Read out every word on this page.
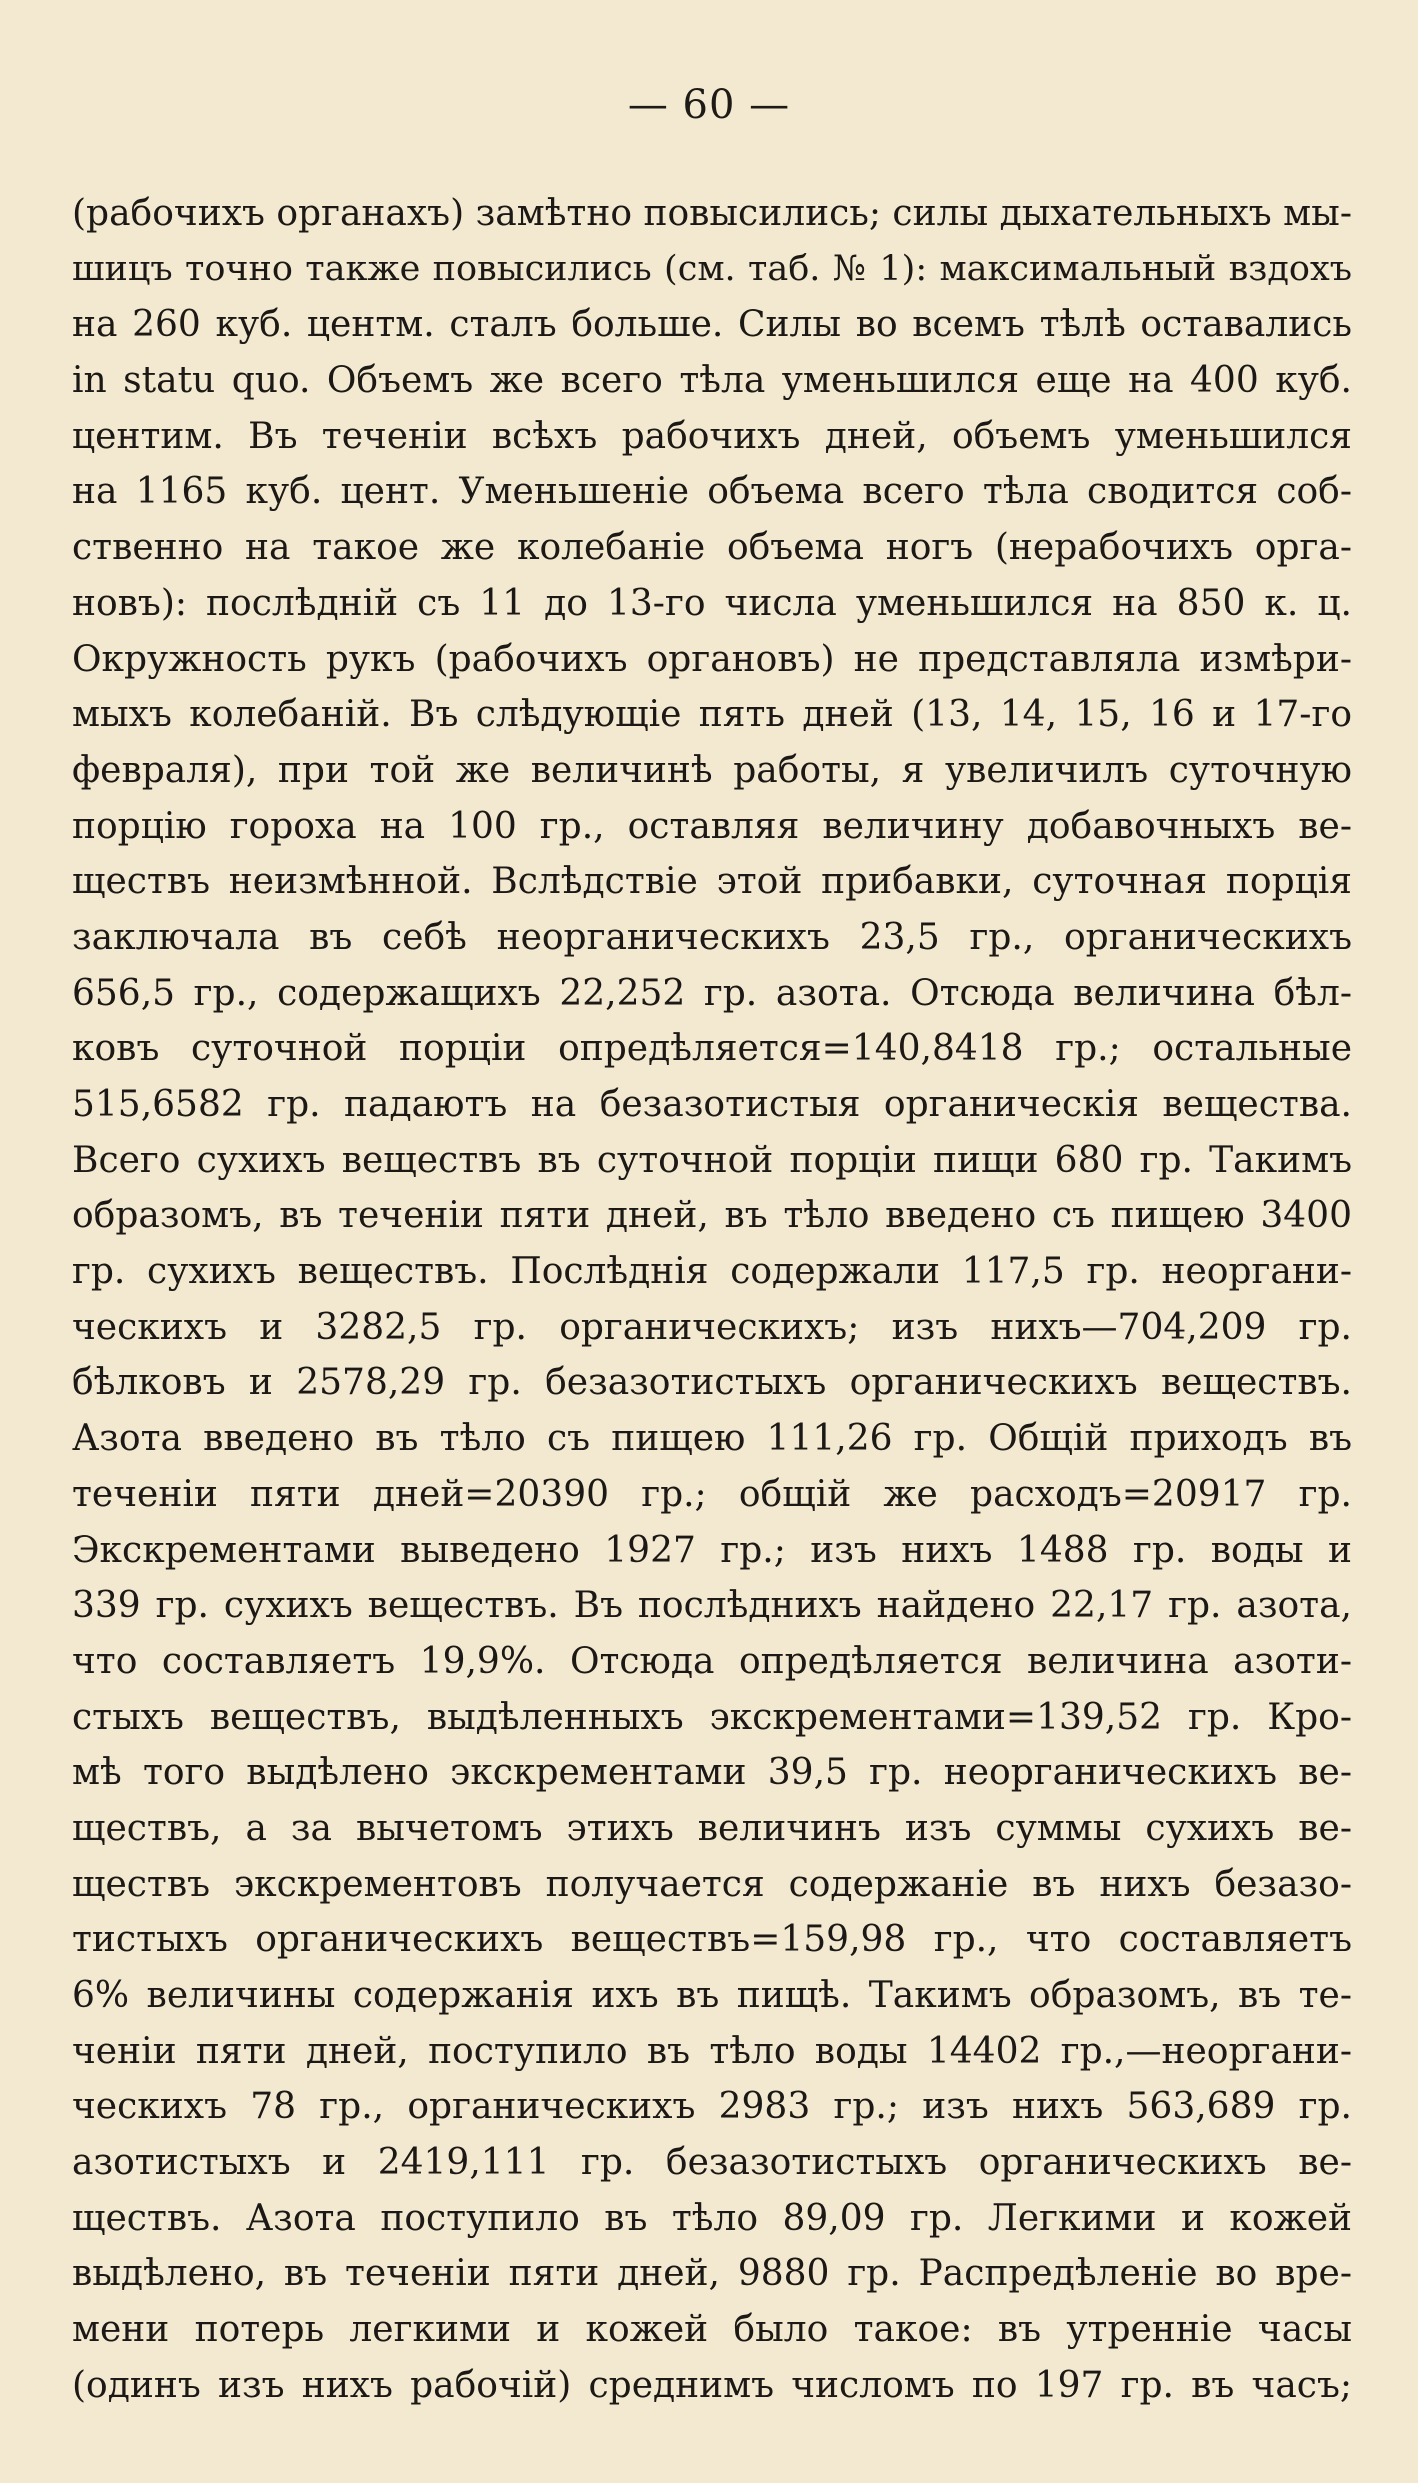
— 60 —
(рабочихъ органахъ) замѣтно повысились; силы дыхательныхъ мы-
шицъ точно также повысились (см. таб. № 1): максимальный вздохъ
на 260 куб. центм. сталъ больше. Силы во всемъ тѣлѣ оставались
in statu quo. Объемъ же всего тѣла уменьшился еще на 400 куб.
центим. Въ теченіи всѣхъ рабочихъ дней, объемъ уменьшился
на 1165 куб. цент. Уменьшеніе объема всего тѣла сводится соб-
ственно на такое же колебаніе объема ногъ (нерабочихъ орга-
новъ): послѣдній съ 11 до 13-го числа уменьшился на 850 к. ц.
Окружность рукъ (рабочихъ органовъ) не представляла измѣри-
мыхъ колебаній. Въ слѣдующіе пять дней (13, 14, 15, 16 и 17-го
февраля), при той же величинѣ работы, я увеличилъ суточную
порцію гороха на 100 гр., оставляя величину добавочныхъ ве-
ществъ неизмѣнной. Вслѣдствіе этой прибавки, суточная порція
заключала въ себѣ неорганическихъ 23,5 гр., органическихъ
656,5 гр., содержащихъ 22,252 гр. азота. Отсюда величина бѣл-
ковъ суточной порціи опредѣляется=140,8418 гр.; остальные
515,6582 гр. падаютъ на безазотистыя органическія вещества.
Всего сухихъ веществъ въ суточной порціи пищи 680 гр. Такимъ
образомъ, въ теченіи пяти дней, въ тѣло введено съ пищею 3400
гр. сухихъ веществъ. Послѣднія содержали 117,5 гр. неоргани-
ческихъ и 3282,5 гр. органическихъ; изъ нихъ—704,209 гр.
бѣлковъ и 2578,29 гр. безазотистыхъ органическихъ веществъ.
Азота введено въ тѣло съ пищею 111,26 гр. Общій приходъ въ
теченіи пяти дней=20390 гр.; общій же расходъ=20917 гр.
Экскрементами выведено 1927 гр.; изъ нихъ 1488 гр. воды и
339 гр. сухихъ веществъ. Въ послѣднихъ найдено 22,17 гр. азота,
что составляетъ 19,9%. Отсюда опредѣляется величина азоти-
стыхъ веществъ, выдѣленныхъ экскрементами=139,52 гр. Кро-
мѣ того выдѣлено экскрементами 39,5 гр. неорганическихъ ве-
ществъ, а за вычетомъ этихъ величинъ изъ суммы сухихъ ве-
ществъ экскрементовъ получается содержаніе въ нихъ безазо-
тистыхъ органическихъ веществъ=159,98 гр., что составляетъ
6% величины содержанія ихъ въ пищѣ. Такимъ образомъ, въ те-
ченіи пяти дней, поступило въ тѣло воды 14402 гр.,—неоргани-
ческихъ 78 гр., органическихъ 2983 гр.; изъ нихъ 563,689 гр.
азотистыхъ и 2419,111 гр. безазотистыхъ органическихъ ве-
ществъ. Азота поступило въ тѣло 89,09 гр. Легкими и кожей
выдѣлено, въ теченіи пяти дней, 9880 гр. Распредѣленіе во вре-
мени потерь легкими и кожей было такое: въ утренніе часы
(одинъ изъ нихъ рабочій) среднимъ числомъ по 197 гр. въ часъ;
